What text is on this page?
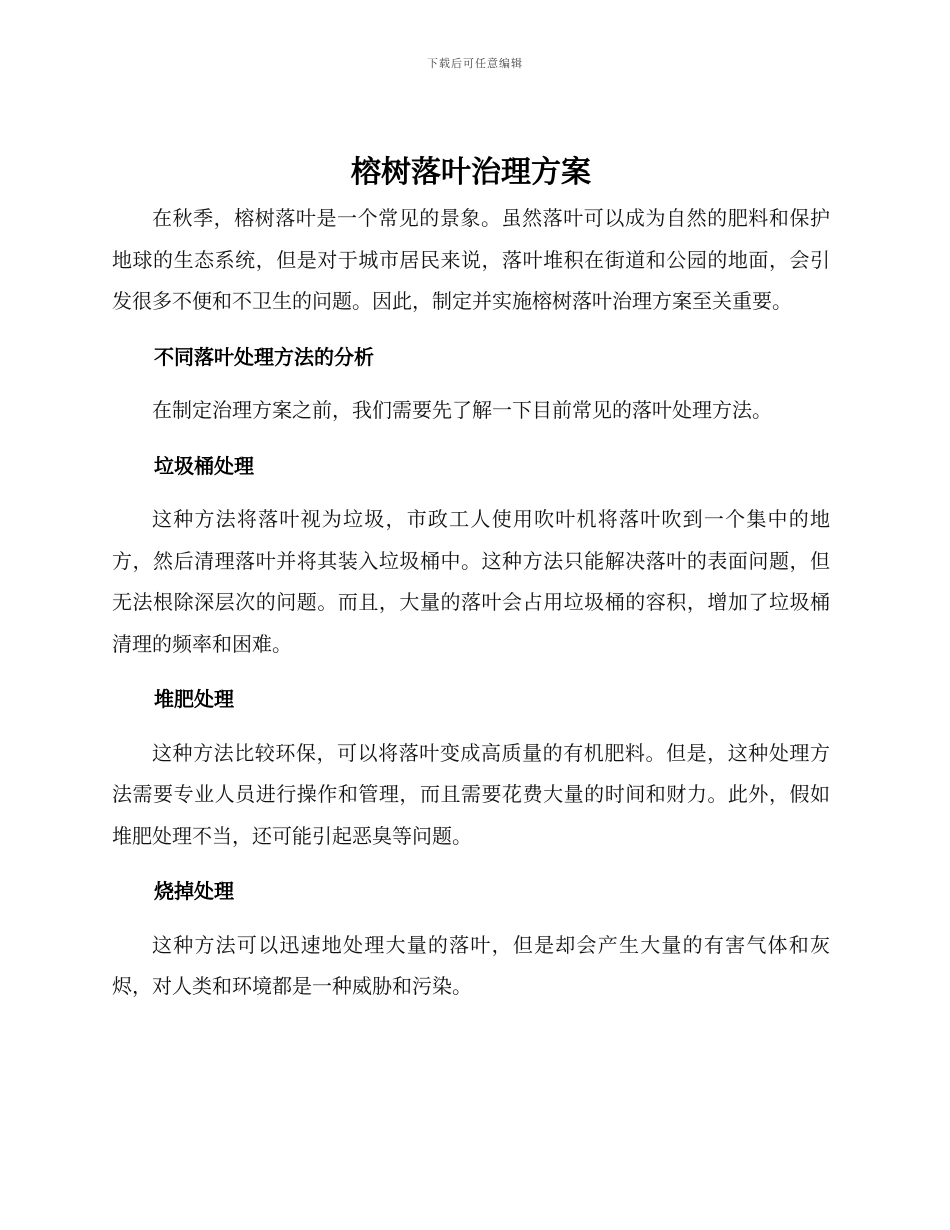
下载后可任意编辑
榕树落叶治理方案

在秋季，榕树落叶是一个常见的景象。虽然落叶可以成为自然的肥料和保护地球的生态系统，但是对于城市居民来说，落叶堆积在街道和公园的地面，会引发很多不便和不卫生的问题。因此，制定并实施榕树落叶治理方案至关重要。

不同落叶处理方法的分析

在制定治理方案之前，我们需要先了解一下目前常见的落叶处理方法。

垃圾桶处理

这种方法将落叶视为垃圾，市政工人使用吹叶机将落叶吹到一个集中的地方，然后清理落叶并将其装入垃圾桶中。这种方法只能解决落叶的表面问题，但无法根除深层次的问题。而且，大量的落叶会占用垃圾桶的容积，增加了垃圾桶清理的频率和困难。

堆肥处理

这种方法比较环保，可以将落叶变成高质量的有机肥料。但是，这种处理方法需要专业人员进行操作和管理，而且需要花费大量的时间和财力。此外，假如堆肥处理不当，还可能引起恶臭等问题。

烧掉处理

这种方法可以迅速地处理大量的落叶，但是却会产生大量的有害气体和灰烬，对人类和环境都是一种威胁和污染。
